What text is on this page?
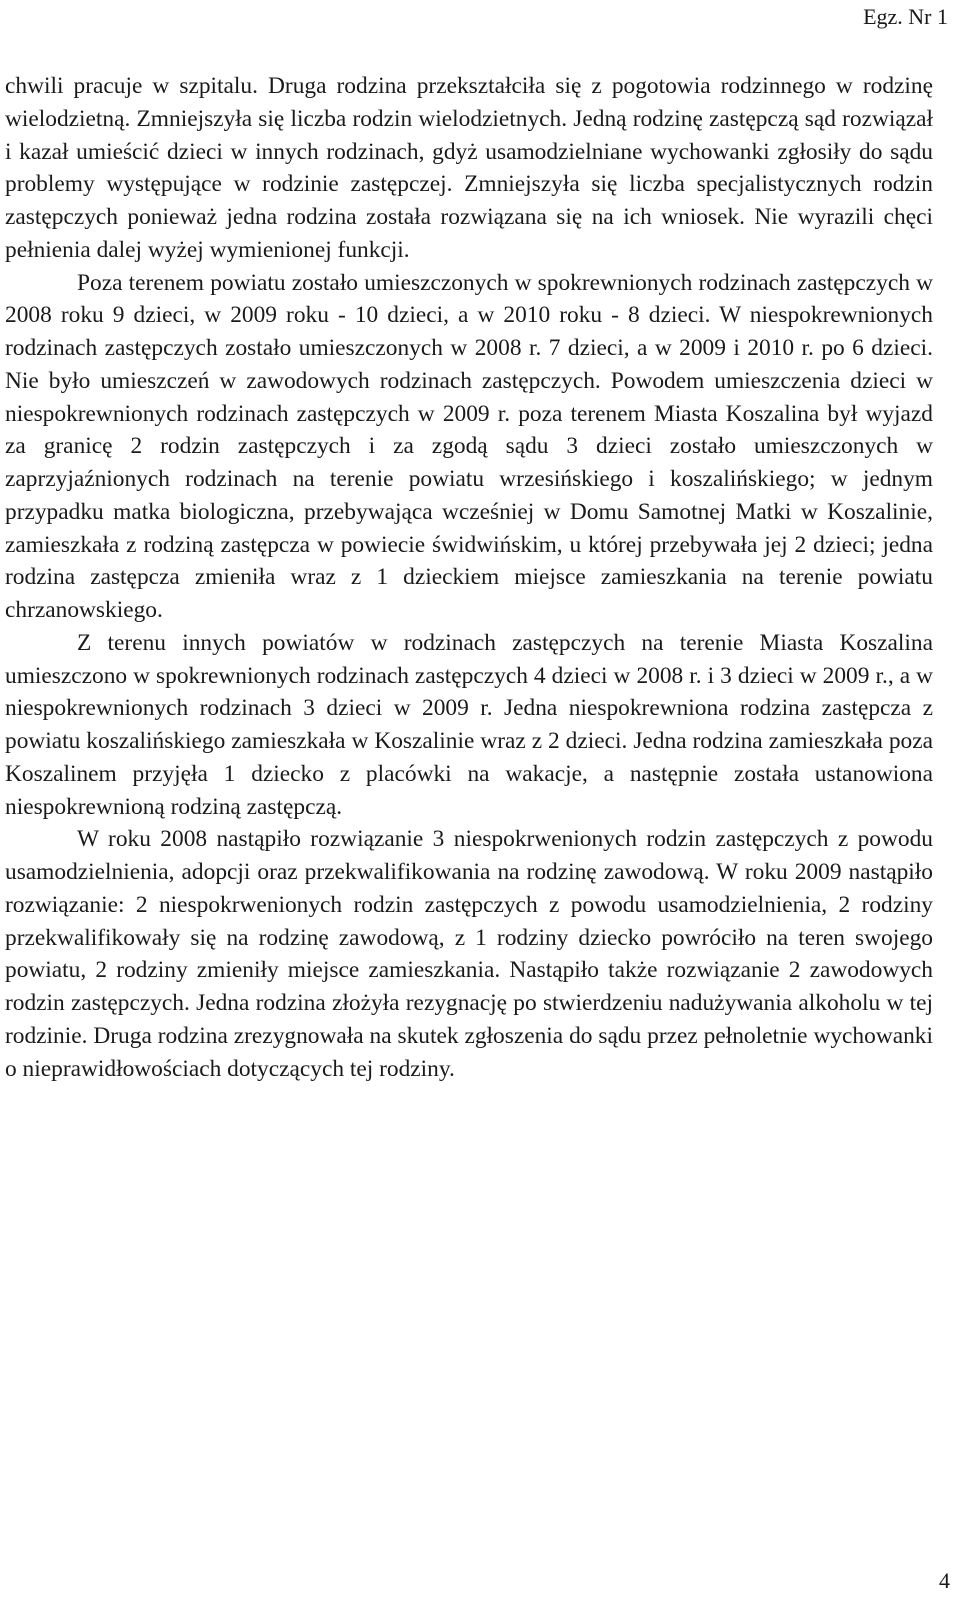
Egz. Nr 1

chwili pracuje w szpitalu. Druga rodzina przekształciła się z pogotowia rodzinnego w rodzinę wielodzietną. Zmniejszyła się liczba rodzin wielodzietnych. Jedną rodzinę zastępczą sąd rozwiązał i kazał umieścić dzieci w innych rodzinach, gdyż usamodzielniane wychowanki zgłosiły do sądu problemy występujące w rodzinie zastępczej. Zmniejszyła się liczba specjalistycznych rodzin zastępczych ponieważ jedna rodzina została rozwiązana się na ich wniosek. Nie wyrazili chęci pełnienia dalej wyżej wymienionej funkcji.

Poza terenem powiatu zostało umieszczonych w spokrewnionych rodzinach zastępczych w 2008 roku 9 dzieci, w 2009 roku - 10 dzieci, a w 2010 roku - 8 dzieci. W niespokrewnionych rodzinach zastępczych zostało umieszczonych w 2008 r. 7 dzieci, a w 2009 i 2010 r. po 6 dzieci. Nie było umieszczeń w zawodowych rodzinach zastępczych. Powodem umieszczenia dzieci w niespokrewnionych rodzinach zastępczych w 2009 r. poza terenem Miasta Koszalina był wyjazd za granicę 2 rodzin zastępczych i za zgodą sądu 3 dzieci zostało umieszczonych w zaprzyjaźnionych rodzinach na terenie powiatu wrzesińskiego i koszalińskiego; w jednym przypadku matka biologiczna, przebywająca wcześniej w Domu Samotnej Matki w Koszalinie, zamieszkała z rodziną zastępcza w powiecie świdwińskim, u której przebywała jej 2 dzieci; jedna rodzina zastępcza zmieniła wraz z 1 dzieckiem miejsce zamieszkania na terenie powiatu chrzanowskiego.

Z terenu innych powiatów w rodzinach zastępczych na terenie Miasta Koszalina umieszczono w spokrewnionych rodzinach zastępczych 4 dzieci w 2008 r. i 3 dzieci w 2009 r., a w niespokrewnionych rodzinach 3 dzieci w 2009 r. Jedna niespokrewniona rodzina zastępcza z powiatu koszalińskiego zamieszkała w Koszalinie wraz z 2 dzieci. Jedna rodzina zamieszkała poza Koszalinem przyjęła 1 dziecko z placówki na wakacje, a następnie została ustanowiona niespokrewnioną rodziną zastępczą.

W roku 2008 nastąpiło rozwiązanie 3 niespokrwenionych rodzin zastępczych z powodu usamodzielnienia, adopcji oraz przekwalifikowania na rodzinę zawodową. W roku 2009 nastąpiło rozwiązanie: 2 niespokrwenionych rodzin zastępczych z powodu usamodzielnienia, 2 rodziny przekwalifikowały się na rodzinę zawodową, z 1 rodziny dziecko powróciło na teren swojego powiatu, 2 rodziny zmieniły miejsce zamieszkania. Nastąpiło także rozwiązanie 2 zawodowych rodzin zastępczych. Jedna rodzina złożyła rezygnację po stwierdzeniu nadużywania alkoholu w tej rodzinie. Druga rodzina zrezygnowała na skutek zgłoszenia do sądu przez pełnoletnie wychowanki o nieprawidłowościach dotyczących tej rodziny.

4
